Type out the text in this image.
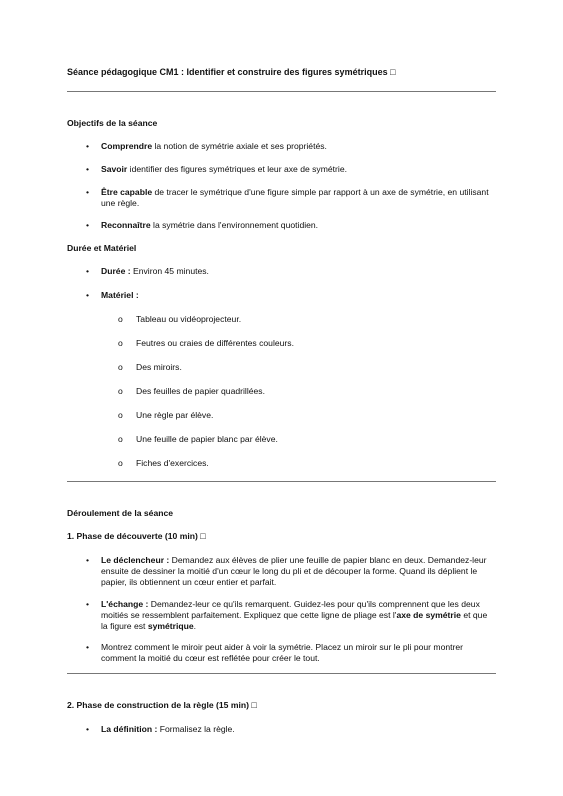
Séance pédagogique CM1 : Identifier et construire des figures symétriques □
Objectifs de la séance
• Comprendre la notion de symétrie axiale et ses propriétés.
• Savoir identifier des figures symétriques et leur axe de symétrie.
• Être capable de tracer le symétrique d'une figure simple par rapport à un axe de symétrie, en utilisant une règle.
• Reconnaître la symétrie dans l'environnement quotidien.
Durée et Matériel
• Durée : Environ 45 minutes.
• Matériel :
o Tableau ou vidéoprojecteur.
o Feutres ou craies de différentes couleurs.
o Des miroirs.
o Des feuilles de papier quadrillées.
o Une règle par élève.
o Une feuille de papier blanc par élève.
o Fiches d'exercices.
Déroulement de la séance
1. Phase de découverte (10 min) □
• Le déclencheur : Demandez aux élèves de plier une feuille de papier blanc en deux. Demandez-leur ensuite de dessiner la moitié d'un cœur le long du pli et de découper la forme. Quand ils déplient le papier, ils obtiennent un cœur entier et parfait.
• L'échange : Demandez-leur ce qu'ils remarquent. Guidez-les pour qu'ils comprennent que les deux moitiés se ressemblent parfaitement. Expliquez que cette ligne de pliage est l'axe de symétrie et que la figure est symétrique.
• Montrez comment le miroir peut aider à voir la symétrie. Placez un miroir sur le pli pour montrer comment la moitié du cœur est reflétée pour créer le tout.
2. Phase de construction de la règle (15 min) □
• La définition : Formalisez la règle.
